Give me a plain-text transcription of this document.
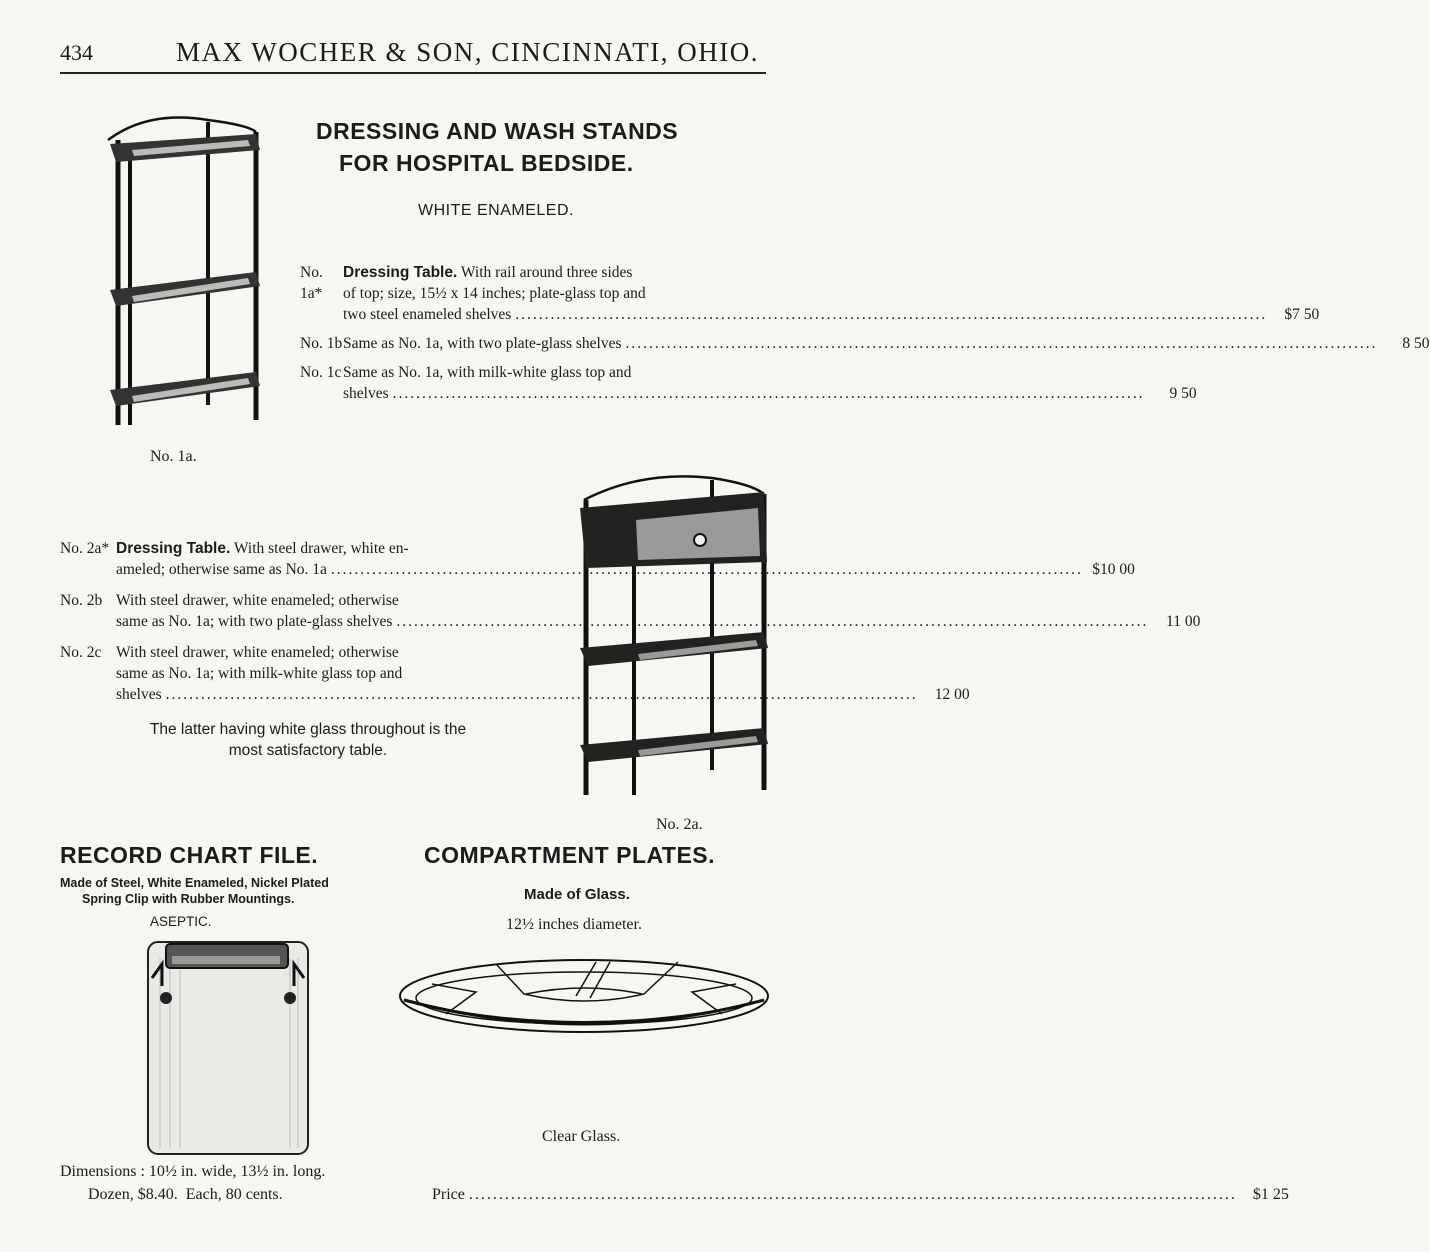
434	MAX WOCHER & SON, CINCINNATI, OHIO.
No. 1a.
DRESSING AND WASH STANDS
FOR HOSPITAL BEDSIDE.
WHITE ENAMELED.
No. 1a*
Dressing Table. With rail around three sides
of top; size, 15½ x 14 inches; plate-glass top and
two steel enameled shelves .....	$7 50
No. 1b Same as No. 1a, with two plate-glass shelves .....	8 50
No. 1c Same as No. 1a, with milk-white glass top and
shelves .....	9 50
No. 2a* Dressing Table. With steel drawer, white en-
ameled; otherwise same as No. 1a .....	$10 00
No. 2b With steel drawer, white enameled; otherwise
same as No. 1a; with two plate-glass shelves .....	11 00
No. 2c With steel drawer, white enameled; otherwise
same as No. 1a; with milk-white glass top and
shelves .....	12 00
The latter having white glass throughout is the
most satisfactory table.
No. 2a.
RECORD CHART FILE.
Made of Steel, White Enameled, Nickel Plated
Spring Clip with Rubber Mountings.
ASEPTIC.
Dimensions : 10½ in. wide, 13½ in. long.
Dozen, $8.40.  Each, 80 cents.
COMPARTMENT PLATES.
Made of Glass.
12½ inches diameter.
Clear Glass.
Price .....	$1 25
